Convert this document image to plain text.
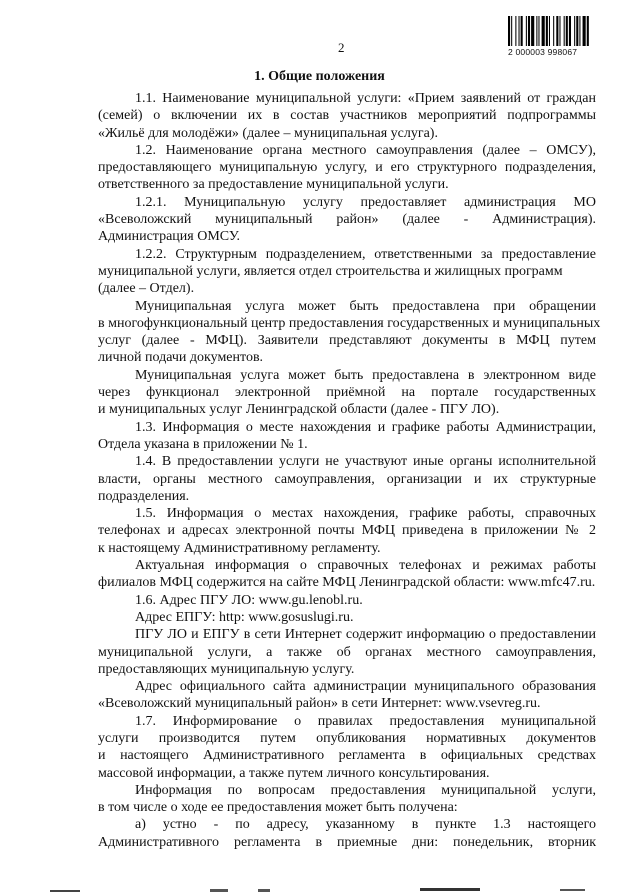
2	2 000003 998067
1. Общие положения
1.1. Наименование муниципальной услуги: «Прием заявлений от граждан
(семей) о включении их в состав участников мероприятий подпрограммы
«Жильё для молодёжи» (далее – муниципальная услуга).
1.2. Наименование органа местного самоуправления (далее – ОМСУ),
предоставляющего муниципальную услугу, и его структурного подразделения,
ответственного за предоставление муниципальной услуги.
1.2.1. Муниципальную услугу предоставляет администрация МО
«Всеволожский муниципальный район» (далее - Администрация).
Администрация ОМСУ.
1.2.2. Структурным подразделением, ответственными за предоставление
муниципальной услуги, является отдел строительства и жилищных программ
(далее – Отдел).
Муниципальная услуга может быть предоставлена при обращении
в многофункциональный центр предоставления государственных и муниципальных
услуг (далее - МФЦ). Заявители представляют документы в МФЦ путем
личной подачи документов.
Муниципальная услуга может быть предоставлена в электронном виде
через функционал электронной приёмной на портале государственных
и муниципальных услуг Ленинградской области (далее - ПГУ ЛО).
1.3. Информация о месте нахождения и графике работы Администрации,
Отдела указана в приложении № 1.
1.4. В предоставлении услуги не участвуют иные органы исполнительной
власти, органы местного самоуправления, организации и их структурные
подразделения.
1.5. Информация о местах нахождения, графике работы, справочных
телефонах и адресах электронной почты МФЦ приведена в приложении № 2
к настоящему Административному регламенту.
Актуальная информация о справочных телефонах и режимах работы
филиалов МФЦ содержится на сайте МФЦ Ленинградской области: www.mfc47.ru.
1.6. Адрес ПГУ ЛО: www.gu.lenobl.ru.
Адрес ЕПГУ: http: www.gosuslugi.ru.
ПГУ ЛО и ЕПГУ в сети Интернет содержит информацию о предоставлении
муниципальной услуги, а также об органах местного самоуправления,
предоставляющих муниципальную услугу.
Адрес официального сайта администрации муниципального образования
«Всеволожский муниципальный район» в сети Интернет: www.vsevreg.ru.
1.7. Информирование о правилах предоставления муниципальной
услуги производится путем опубликования нормативных документов
и настоящего Административного регламента в официальных средствах
массовой информации, а также путем личного консультирования.
Информация по вопросам предоставления муниципальной услуги,
в том числе о ходе ее предоставления может быть получена:
а) устно - по адресу, указанному в пункте 1.3 настоящего
Административного регламента в приемные дни: понедельник, вторник
